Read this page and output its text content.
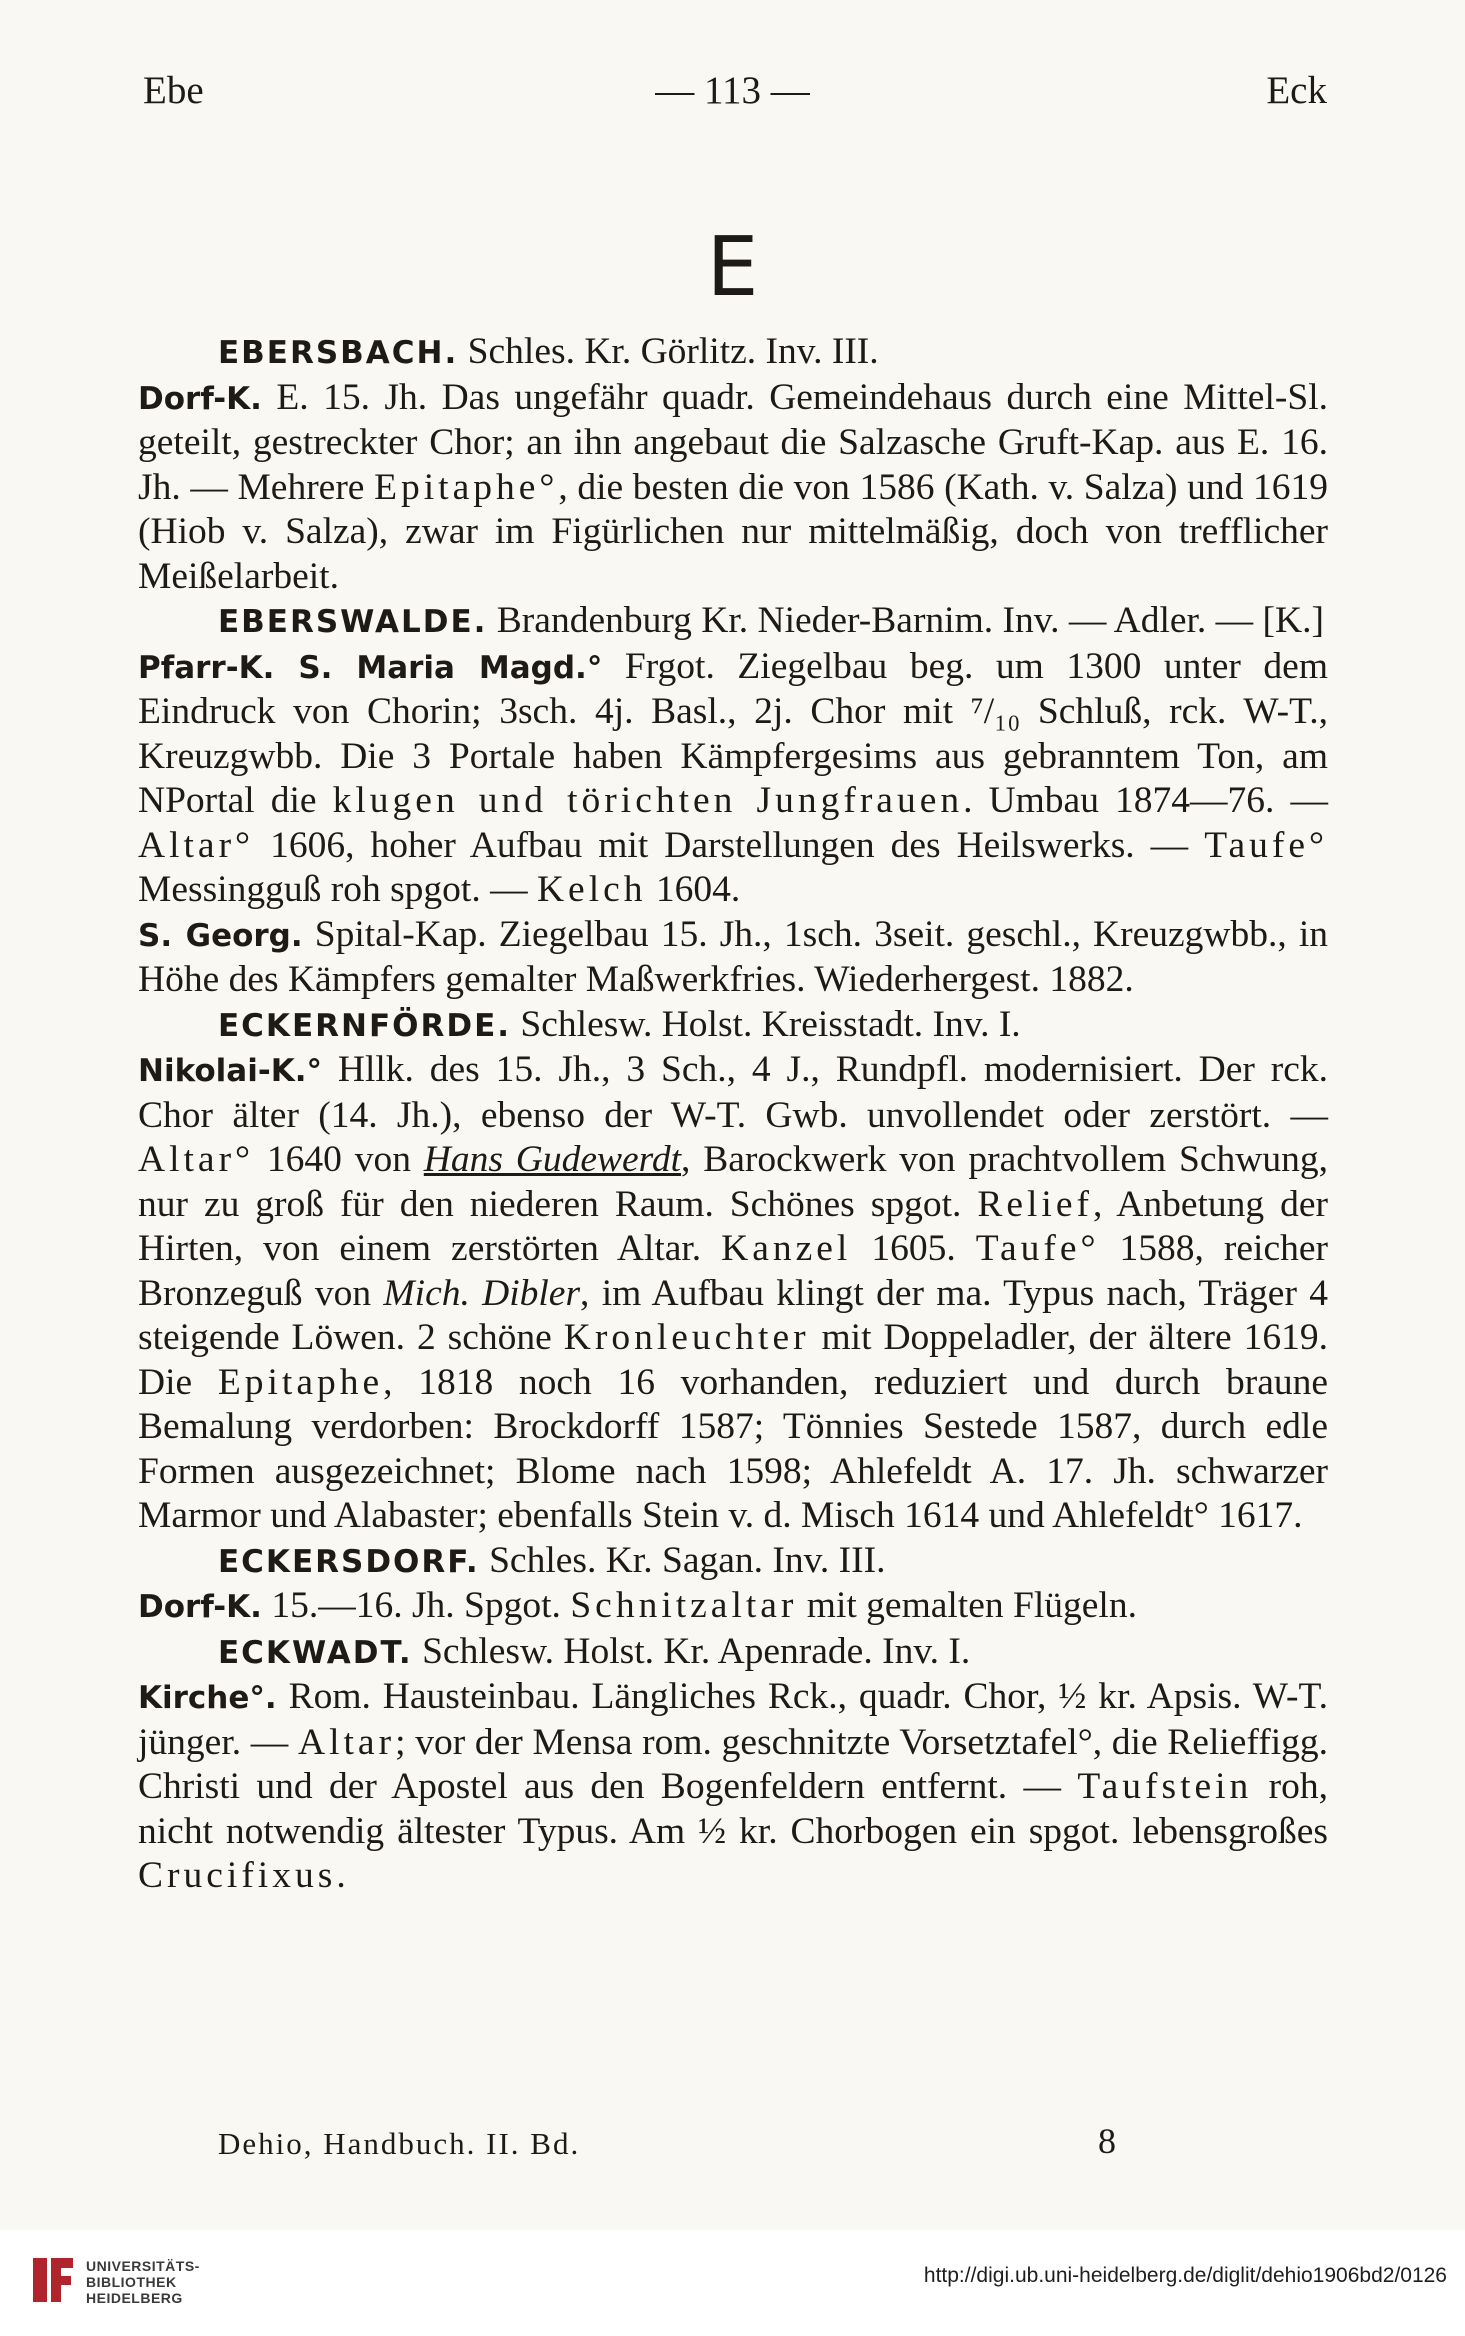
Ebe	— 113 —	Eck
E

EBERSBACH. Schles. Kr. Görlitz. Inv. III.

Dorf-K. E. 15. Jh. Das ungefähr quadr. Gemeindehaus durch eine Mittel-Sl. geteilt, gestreckter Chor; an ihn angebaut die Salzasche Gruft-Kap. aus E. 16. Jh. — Mehrere Epitaphe°, die besten die von 1586 (Kath. v. Salza) und 1619 (Hiob v. Salza), zwar im Figürlichen nur mittelmäßig, doch von trefflicher Meißelarbeit.

EBERSWALDE. Brandenburg Kr. Nieder-Barnim. Inv. — Adler. — [K.]

Pfarr-K. S. Maria Magd.° Frgot. Ziegelbau beg. um 1300 unter dem Eindruck von Chorin; 3sch. 4j. Basl., 2j. Chor mit ⁷/₁₀ Schluß, rck. W-T., Kreuzgwbb. Die 3 Portale haben Kämpfergesims aus gebranntem Ton, am NPortal die klugen und törichten Jungfrauen. Umbau 1874—76. — Altar° 1606, hoher Aufbau mit Darstellungen des Heilswerks. — Taufe° Messingguß roh spgot. — Kelch 1604.

S. Georg. Spital-Kap. Ziegelbau 15. Jh., 1sch. 3seit. geschl., Kreuzgwbb., in Höhe des Kämpfers gemalter Maßwerkfries. Wiederhergest. 1882.

ECKERNFÖRDE. Schlesw. Holst. Kreisstadt. Inv. I.

Nikolai-K.° Hllk. des 15. Jh., 3 Sch., 4 J., Rundpfl. modernisiert. Der rck. Chor älter (14. Jh.), ebenso der W-T. Gwb. unvollendet oder zerstört. — Altar° 1640 von Hans Gudewerdt, Barockwerk von prachtvollem Schwung, nur zu groß für den niederen Raum. Schönes spgot. Relief, Anbetung der Hirten, von einem zerstörten Altar. Kanzel 1605. Taufe° 1588, reicher Bronzeguß von Mich. Dibler, im Aufbau klingt der ma. Typus nach, Träger 4 steigende Löwen. 2 schöne Kronleuchter mit Doppeladler, der ältere 1619. Die Epitaphe, 1818 noch 16 vorhanden, reduziert und durch braune Bemalung verdorben: Brockdorff 1587; Tönnies Sestede 1587, durch edle Formen ausgezeichnet; Blome nach 1598; Ahlefeldt A. 17. Jh. schwarzer Marmor und Alabaster; ebenfalls Stein v. d. Misch 1614 und Ahlefeldt° 1617.

ECKERSDORF. Schles. Kr. Sagan. Inv. III.

Dorf-K. 15.—16. Jh. Spgot. Schnitzaltar mit gemalten Flügeln.

ECKWADT. Schlesw. Holst. Kr. Apenrade. Inv. I.

Kirche°. Rom. Hausteinbau. Längliches Rck., quadr. Chor, ½ kr. Apsis. W-T. jünger. — Altar; vor der Mensa rom. geschnitzte Vorsetztafel°, die Relieffigg. Christi und der Apostel aus den Bogenfeldern entfernt. — Taufstein roh, nicht notwendig ältester Typus. Am ½ kr. Chorbogen ein spgot. lebensgroßes Crucifixus.

Dehio, Handbuch. II. Bd.	8
UNIVERSITÄTS-
BIBLIOTHEK
HEIDELBERG
http://digi.ub.uni-heidelberg.de/diglit/dehio1906bd2/0126
